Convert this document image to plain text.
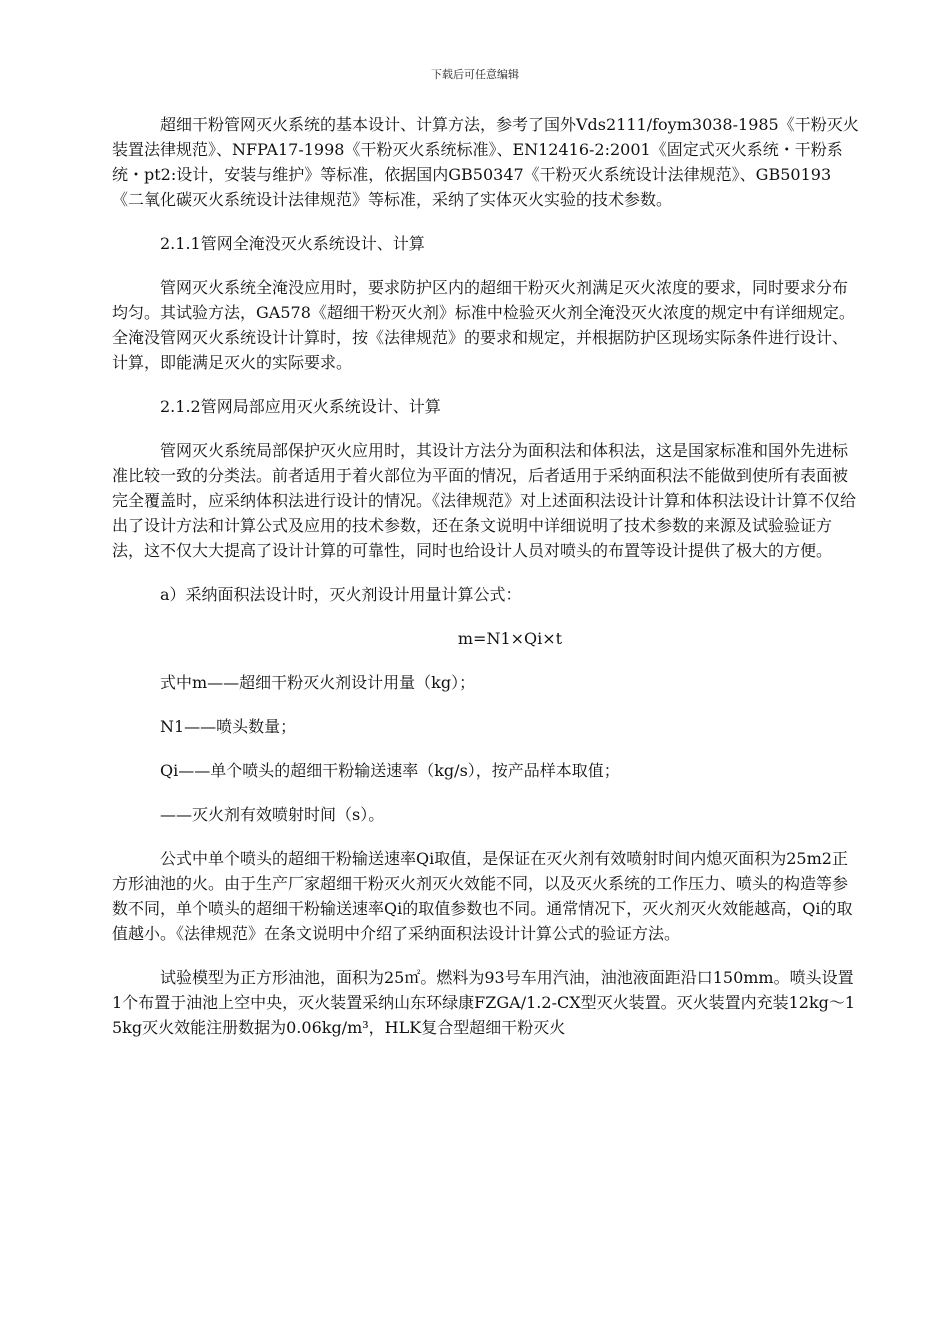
下载后可任意编辑

超细干粉管网灭火系统的基本设计、计算方法，参考了国外Vds2111/foym3038-1985《干粉灭火装置法律规范》、NFPA17-1998《干粉灭火系统标准》、EN12416-2:2001《固定式灭火系统・干粉系统・pt2:设计，安装与维护》等标准，依据国内GB50347《干粉灭火系统设计法律规范》、GB50193《二氧化碳灭火系统设计法律规范》等标准，采纳了实体灭火实验的技术参数。

2.1.1管网全淹没灭火系统设计、计算

管网灭火系统全淹没应用时，要求防护区内的超细干粉灭火剂满足灭火浓度的要求，同时要求分布均匀。其试验方法，GA578《超细干粉灭火剂》标准中检验灭火剂全淹没灭火浓度的规定中有详细规定。全淹没管网灭火系统设计计算时，按《法律规范》的要求和规定，并根据防护区现场实际条件进行设计、计算，即能满足灭火的实际要求。

2.1.2管网局部应用灭火系统设计、计算

管网灭火系统局部保护灭火应用时，其设计方法分为面积法和体积法，这是国家标准和国外先进标准比较一致的分类法。前者适用于着火部位为平面的情况，后者适用于采纳面积法不能做到使所有表面被完全覆盖时，应采纳体积法进行设计的情况。《法律规范》对上述面积法设计计算和体积法设计计算不仅给出了设计方法和计算公式及应用的技术参数，还在条文说明中详细说明了技术参数的来源及试验验证方法，这不仅大大提高了设计计算的可靠性，同时也给设计人员对喷头的布置等设计提供了极大的方便。

a）采纳面积法设计时，灭火剂设计用量计算公式：

m=N1×Qi×t

式中m——超细干粉灭火剂设计用量（kg）；

N1——喷头数量；

Qi——单个喷头的超细干粉输送速率（kg/s），按产品样本取值；

——灭火剂有效喷射时间（s）。

公式中单个喷头的超细干粉输送速率Qi取值，是保证在灭火剂有效喷射时间内熄灭面积为25m2正方形油池的火。由于生产厂家超细干粉灭火剂灭火效能不同，以及灭火系统的工作压力、喷头的构造等参数不同，单个喷头的超细干粉输送速率Qi的取值参数也不同。通常情况下，灭火剂灭火效能越高，Qi的取值越小。《法律规范》在条文说明中介绍了采纳面积法设计计算公式的验证方法。

试验模型为正方形油池，面积为25㎡。燃料为93号车用汽油，油池液面距沿口150mm。喷头设置1个布置于油池上空中央，灭火装置采纳山东环绿康FZGA/1.2-CX型灭火装置。灭火装置内充装12kg～15kg灭火效能注册数据为0.06kg/m³，HLK复合型超细干粉灭火
